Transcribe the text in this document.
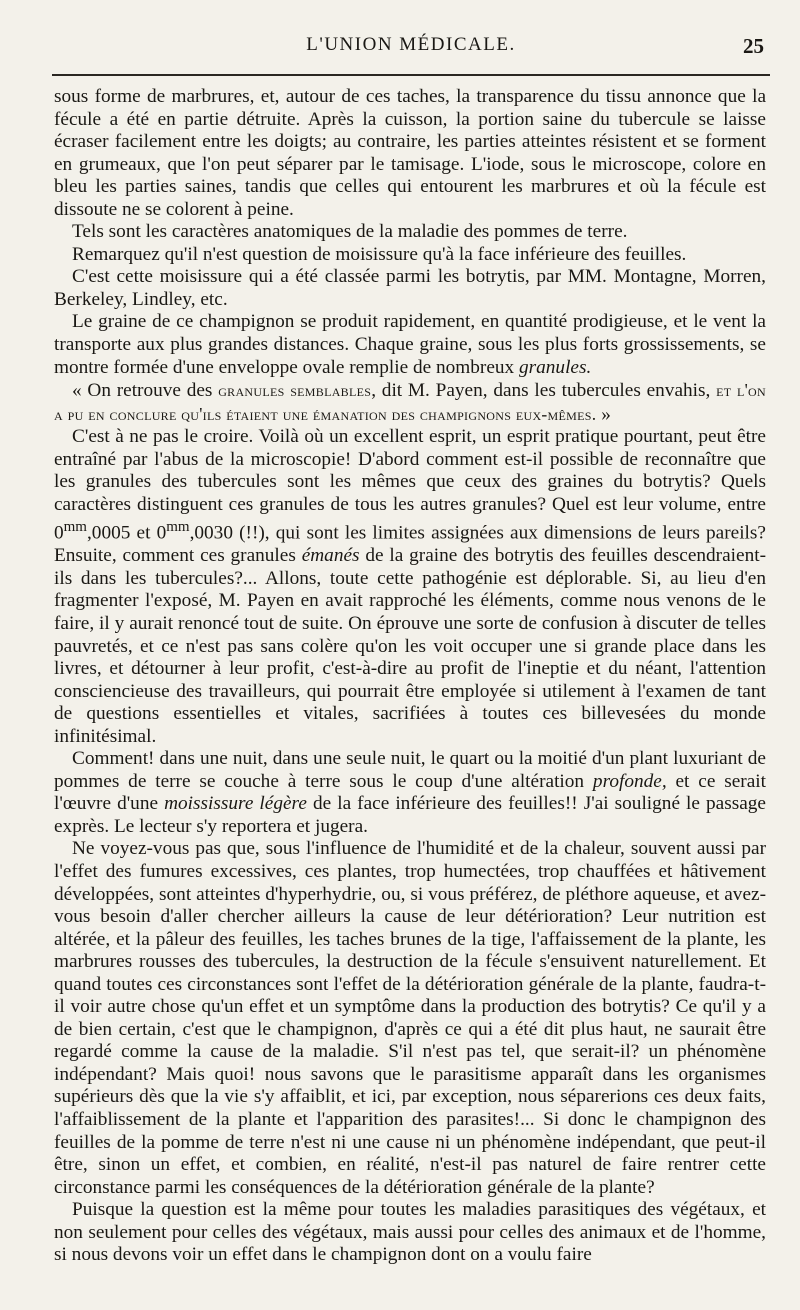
L'UNION MÉDICALE.	25

sous forme de marbrures, et, autour de ces taches, la transparence du tissu annonce que la fécule a été en partie détruite. Après la cuisson, la portion saine du tubercule se laisse écraser facilement entre les doigts; au contraire, les parties atteintes résistent et se forment en grumeaux, que l'on peut séparer par le tamisage. L'iode, sous le microscope, colore en bleu les parties saines, tandis que celles qui entourent les marbrures et où la fécule est dissoute ne se colorent à peine.

Tels sont les caractères anatomiques de la maladie des pommes de terre.

Remarquez qu'il n'est question de moisissure qu'à la face inférieure des feuilles.

C'est cette moisissure qui a été classée parmi les botrytis, par MM. Montagne, Morren, Berkeley, Lindley, etc.

Le graine de ce champignon se produit rapidement, en quantité prodigieuse, et le vent la transporte aux plus grandes distances. Chaque graine, sous les plus forts grossissements, se montre formée d'une enveloppe ovale remplie de nombreux granules.

« On retrouve des granules semblables, dit M. Payen, dans les tubercules envahis, et l'on a pu en conclure qu'ils étaient une émanation des champignons eux-mêmes. »

C'est à ne pas le croire. Voilà où un excellent esprit, un esprit pratique pourtant, peut être entraîné par l'abus de la microscopie! D'abord comment est-il possible de reconnaître que les granules des tubercules sont les mêmes que ceux des graines du botrytis? Quels caractères distinguent ces granules de tous les autres granules? Quel est leur volume, entre $0^{mm},0005$ et $0^{mm},0030$ (!!), qui sont les limites assignées aux dimensions de leurs pareils? Ensuite, comment ces granules émanés de la graine des botrytis des feuilles descendraient-ils dans les tubercules?... Allons, toute cette pathogénie est déplorable. Si, au lieu d'en fragmenter l'exposé, M. Payen en avait rapproché les éléments, comme nous venons de le faire, il y aurait renoncé tout de suite. On éprouve une sorte de confusion à discuter de telles pauvretés, et ce n'est pas sans colère qu'on les voit occuper une si grande place dans les livres, et détourner à leur profit, c'est-à-dire au profit de l'ineptie et du néant, l'attention consciencieuse des travailleurs, qui pourrait être employée si utilement à l'examen de tant de questions essentielles et vitales, sacrifiées à toutes ces billevesées du monde infinitésimal.

Comment! dans une nuit, dans une seule nuit, le quart ou la moitié d'un plant luxuriant de pommes de terre se couche à terre sous le coup d'une altération profonde, et ce serait l'œuvre d'une moississure légère de la face inférieure des feuilles!! J'ai souligné le passage exprès. Le lecteur s'y reportera et jugera.

Ne voyez-vous pas que, sous l'influence de l'humidité et de la chaleur, souvent aussi par l'effet des fumures excessives, ces plantes, trop humectées, trop chauffées et hâtivement développées, sont atteintes d'hyperhydrie, ou, si vous préférez, de pléthore aqueuse, et avez-vous besoin d'aller chercher ailleurs la cause de leur détérioration? Leur nutrition est altérée, et la pâleur des feuilles, les taches brunes de la tige, l'affaissement de la plante, les marbrures rousses des tubercules, la destruction de la fécule s'ensuivent naturellement. Et quand toutes ces circonstances sont l'effet de la détérioration générale de la plante, faudra-t-il voir autre chose qu'un effet et un symptôme dans la production des botrytis? Ce qu'il y a de bien certain, c'est que le champignon, d'après ce qui a été dit plus haut, ne saurait être regardé comme la cause de la maladie. S'il n'est pas tel, que serait-il? un phénomène indépendant? Mais quoi! nous savons que le parasitisme apparaît dans les organismes supérieurs dès que la vie s'y affaiblit, et ici, par exception, nous séparerions ces deux faits, l'affaiblissement de la plante et l'apparition des parasites!... Si donc le champignon des feuilles de la pomme de terre n'est ni une cause ni un phénomène indépendant, que peut-il être, sinon un effet, et combien, en réalité, n'est-il pas naturel de faire rentrer cette circonstance parmi les conséquences de la détérioration générale de la plante?

Puisque la question est la même pour toutes les maladies parasitiques des végétaux, et non seulement pour celles des végétaux, mais aussi pour celles des animaux et de l'homme, si nous devons voir un effet dans le champignon dont on a voulu faire
